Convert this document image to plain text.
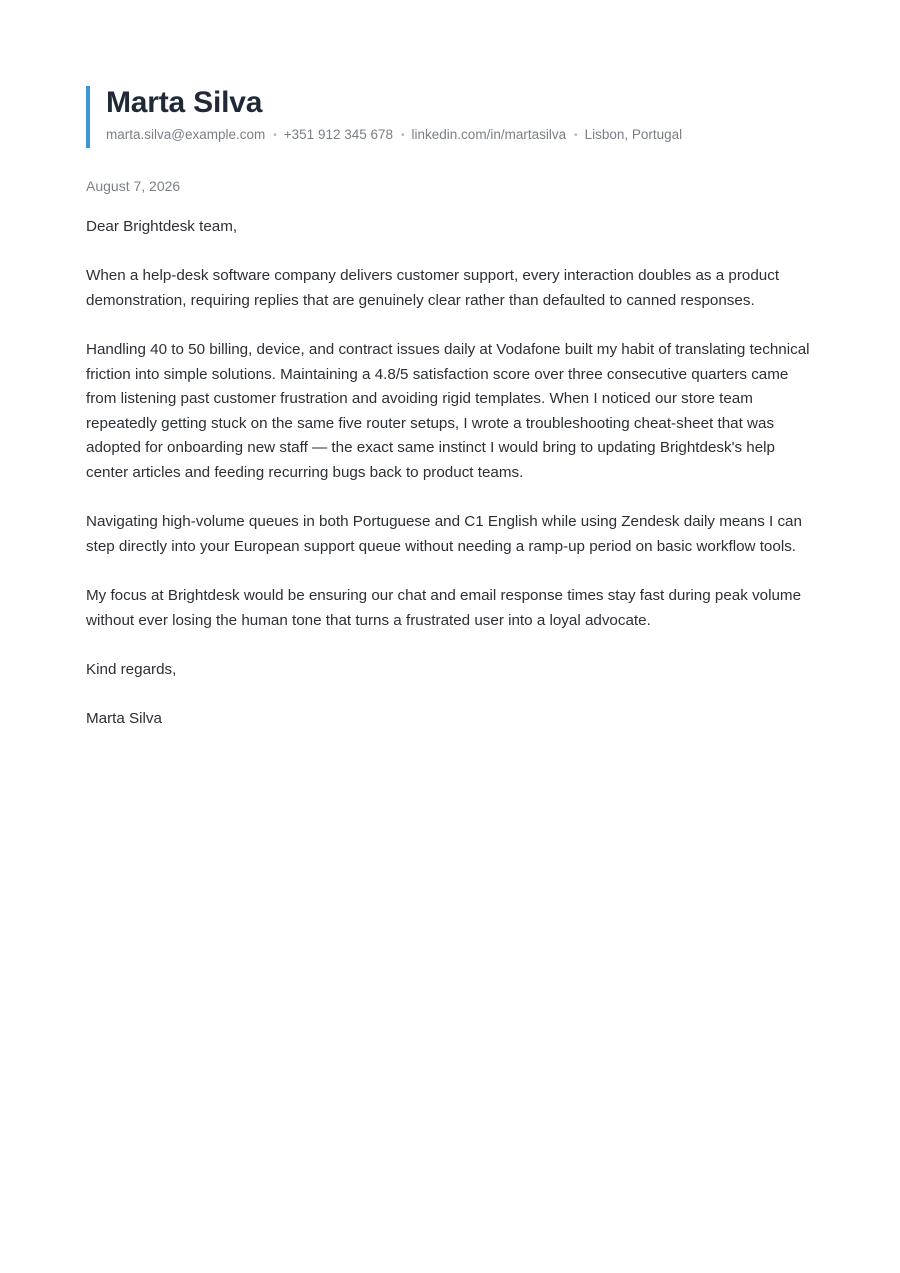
Marta Silva
marta.silva@example.com • +351 912 345 678 • linkedin.com/in/martasilva • Lisbon, Portugal
August 7, 2026

Dear Brightdesk team,

When a help-desk software company delivers customer support, every interaction doubles as a product demonstration, requiring replies that are genuinely clear rather than defaulted to canned responses.

Handling 40 to 50 billing, device, and contract issues daily at Vodafone built my habit of translating technical friction into simple solutions. Maintaining a 4.8/5 satisfaction score over three consecutive quarters came from listening past customer frustration and avoiding rigid templates. When I noticed our store team repeatedly getting stuck on the same five router setups, I wrote a troubleshooting cheat-sheet that was adopted for onboarding new staff — the exact same instinct I would bring to updating Brightdesk's help center articles and feeding recurring bugs back to product teams.

Navigating high-volume queues in both Portuguese and C1 English while using Zendesk daily means I can step directly into your European support queue without needing a ramp-up period on basic workflow tools.

My focus at Brightdesk would be ensuring our chat and email response times stay fast during peak volume without ever losing the human tone that turns a frustrated user into a loyal advocate.

Kind regards,

Marta Silva
